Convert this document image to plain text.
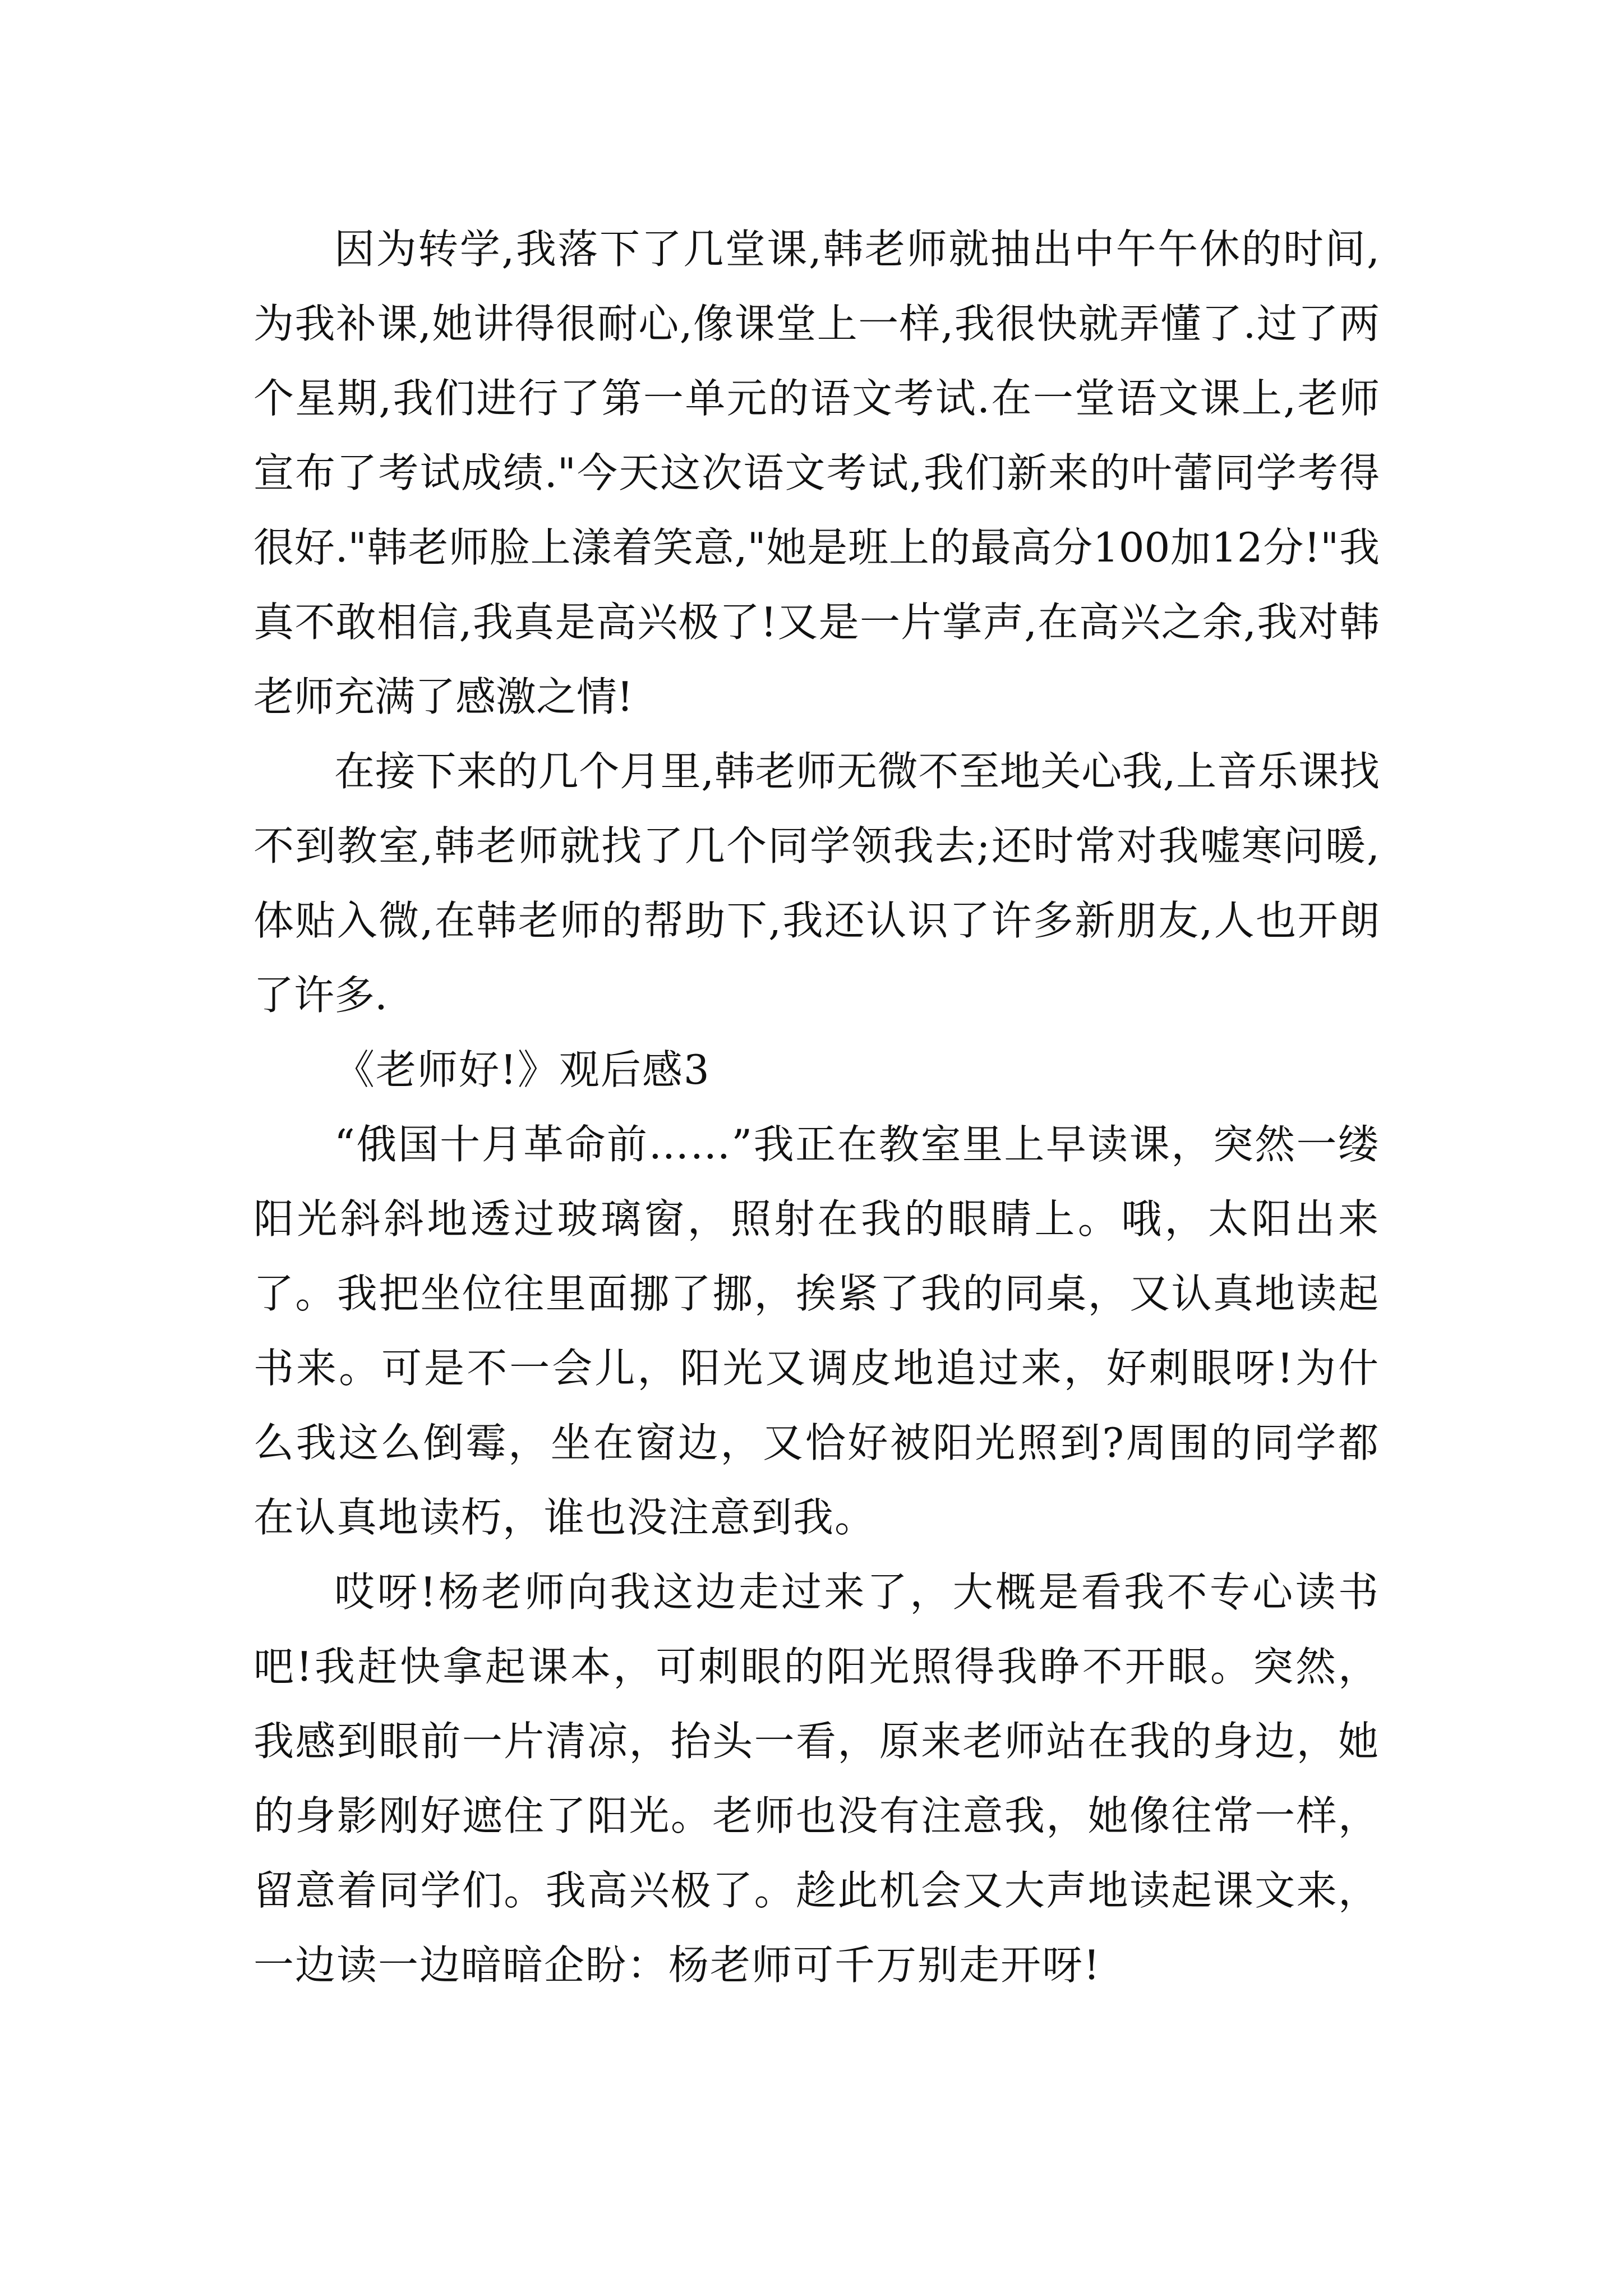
因为转学,我落下了几堂课,韩老师就抽出中午午休的时间,为我补课,她讲得很耐心,像课堂上一样,我很快就弄懂了.过了两个星期,我们进行了第一单元的语文考试.在一堂语文课上,老师宣布了考试成绩."今天这次语文考试,我们新来的叶蕾同学考得很好."韩老师脸上漾着笑意,"她是班上的最高分100加12分!"我真不敢相信,我真是高兴极了!又是一片掌声,在高兴之余,我对韩老师充满了感激之情!

在接下来的几个月里,韩老师无微不至地关心我,上音乐课找不到教室,韩老师就找了几个同学领我去;还时常对我嘘寒问暖,体贴入微,在韩老师的帮助下,我还认识了许多新朋友,人也开朗了许多.

《老师好!》观后感3

“俄国十月革命前……”我正在教室里上早读课，突然一缕阳光斜斜地透过玻璃窗，照射在我的眼睛上。哦，太阳出来了。我把坐位往里面挪了挪，挨紧了我的同桌，又认真地读起书来。可是不一会儿，阳光又调皮地追过来，好刺眼呀!为什么我这么倒霉，坐在窗边，又恰好被阳光照到?周围的同学都在认真地读朽，谁也没注意到我。

哎呀!杨老师向我这边走过来了，大概是看我不专心读书吧!我赶快拿起课本，可刺眼的阳光照得我睁不开眼。突然，我感到眼前一片清凉，抬头一看，原来老师站在我的身边，她的身影刚好遮住了阳光。老师也没有注意我，她像往常一样，留意着同学们。我高兴极了。趁此机会又大声地读起课文来，一边读一边暗暗企盼：杨老师可千万别走开呀!
